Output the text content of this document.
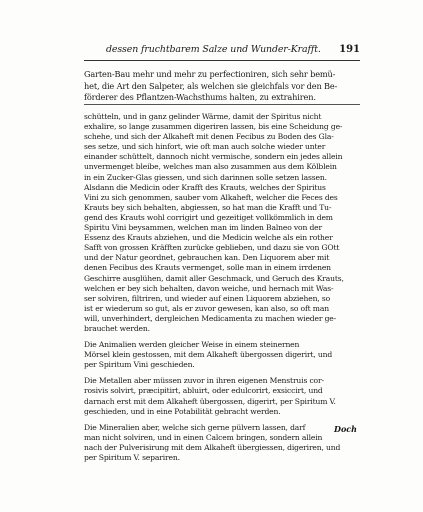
dessen fruchtbarem Salze und Wunder-Krafft. 191
Garten-Bau mehr und mehr zu perfectioniren, sich sehr bemü-
het, die Art den Salpeter, als welchen sie gleichfals vor den Be-
förderer des Pflantzen-Wachsthums halten, zu extrahiren.
schütteln, und in ganz gelinder Wärme, damit der Spiritus nicht
exhalire, so lange zusammen digeriren lassen, bis eine Scheidung ge-
schehe, und sich der Alkaheft mit denen Fecibus zu Boden des Gla-
ses setze, und sich hinfort, wie oft man auch solche wieder unter
einander schüttelt, dannoch nicht vermische, sondern ein jedes allein
unvermenget bleibe, welches man also zusammen aus dem Kölblein
in ein Zucker-Glas giessen, und sich darinnen solle setzen lassen.
Alsdann die Medicin oder Krafft des Krauts, welches der Spiritus
Vini zu sich genommen, sauber vom Alkaheft, welcher die Feces des
Krauts bey sich behalten, abgiessen, so hat man die Krafft und Tu-
gend des Krauts wohl corrigirt und gezeitiget vollkömmlich in dem
Spiritu Vini beysammen, welchen man im linden Balneo von der
Essenz des Krauts abziehen, und die Medicin welche als ein rother
Safft von grossen Kräfften zurücke geblieben, und dazu sie von GOtt
und der Natur geordnet, gebrauchen kan. Den Liquorem aber mit
denen Fecibus des Krauts vermenget, solle man in einem irrdenen
Geschirre ausglühen, damit aller Geschmack, und Geruch des Krauts,
welchen er bey sich behalten, davon weiche, und hernach mit Was-
ser solviren, filtriren, und wieder auf einen Liquorem abziehen, so
ist er wiederum so gut, als er zuvor gewesen, kan also, so oft man
will, unverhindert, dergleichen Medicamenta zu machen wieder ge-
brauchet werden.
Die Animalien werden gleicher Weise in einem steinernen
Mörsel klein gestossen, mit dem Alkaheft übergossen digerirt, und
per Spiritum Vini geschieden.
Die Metallen aber müssen zuvor in ihren eigenen Menstruis cor-
rosivis solvirt, præcipitirt, abluirt, oder edulcorirt, exsiccirt, und
darnach erst mit dem Alkaheft übergossen, digerirt, per Spiritum V.
geschieden, und in eine Potabilität gebracht werden.
Die Mineralien aber, welche sich gerne pülvern lassen, darf
man nicht solviren, und in einen Calcem bringen, sondern allein
nach der Pulverisirung mit dem Alkaheft übergiessen, digeriren, und
per Spiritum V. separiren.
Doch
